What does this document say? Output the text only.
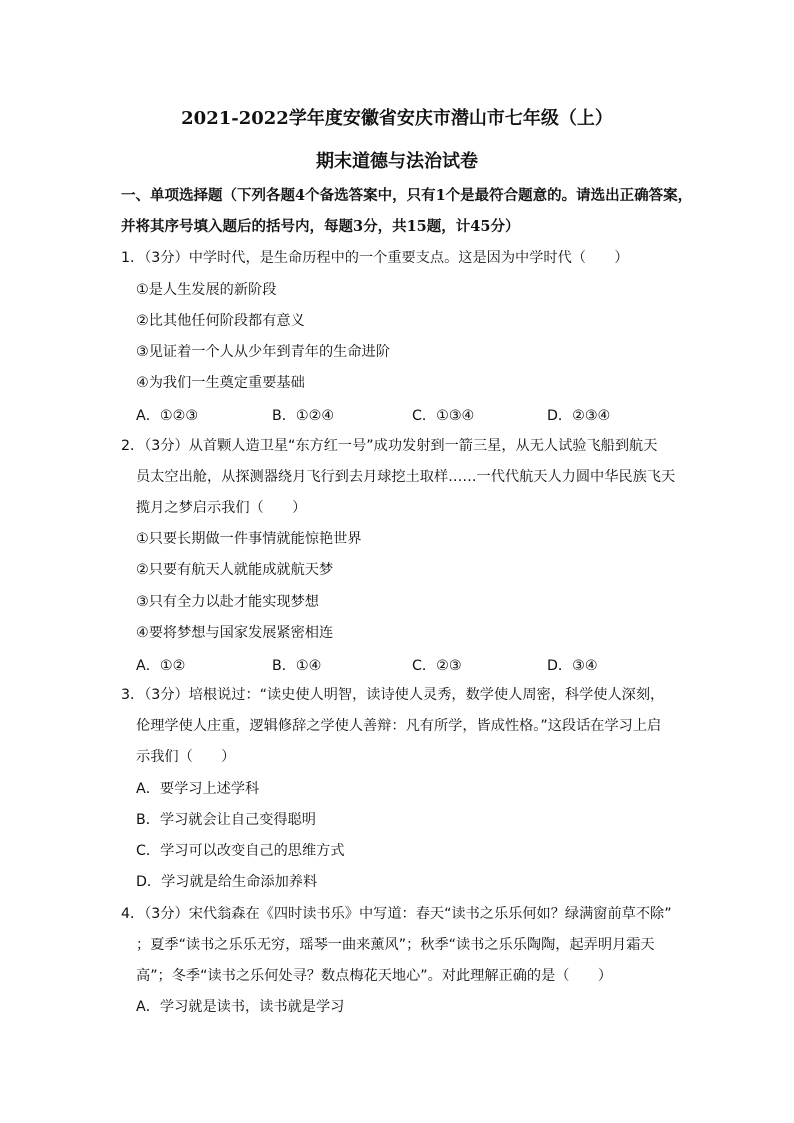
2021-2022学年度安徽省安庆市潜山市七年级（上）
期末道德与法治试卷
一、单项选择题（下列各题4个备选答案中，只有1个是最符合题意的。请选出正确答案，
并将其序号填入题后的括号内，每题3分，共15题，计45分）
1．（3分）中学时代，是生命历程中的一个重要支点。这是因为中学时代（　　）
①是人生发展的新阶段
②比其他任何阶段都有意义
③见证着一个人从少年到青年的生命进阶
④为我们一生奠定重要基础
A．①②③	B．①②④	C．①③④	D．②③④
2．（3分）从首颗人造卫星“东方红一号”成功发射到一箭三星，从无人试验飞船到航天
员太空出舱，从探测器绕月飞行到去月球挖土取样……一代代航天人力圆中华民族飞天
揽月之梦启示我们（　　）
①只要长期做一件事情就能惊艳世界
②只要有航天人就能成就航天梦
③只有全力以赴才能实现梦想
④要将梦想与国家发展紧密相连
A．①②	B．①④	C．②③	D．③④
3．（3分）培根说过：“读史使人明智，读诗使人灵秀，数学使人周密，科学使人深刻，
伦理学使人庄重，逻辑修辞之学使人善辩：凡有所学，皆成性格。”这段话在学习上启
示我们（　　）
A．要学习上述学科
B．学习就会让自己变得聪明
C．学习可以改变自己的思维方式
D．学习就是给生命添加养料
4．（3分）宋代翁森在《四时读书乐》中写道：春天“读书之乐乐何如？绿满窗前草不除”
；夏季“读书之乐乐无穷，瑶琴一曲来薰风”；秋季“读书之乐乐陶陶，起弄明月霜天
高”；冬季“读书之乐何处寻？数点梅花天地心”。对此理解正确的是（　　）
A．学习就是读书，读书就是学习
